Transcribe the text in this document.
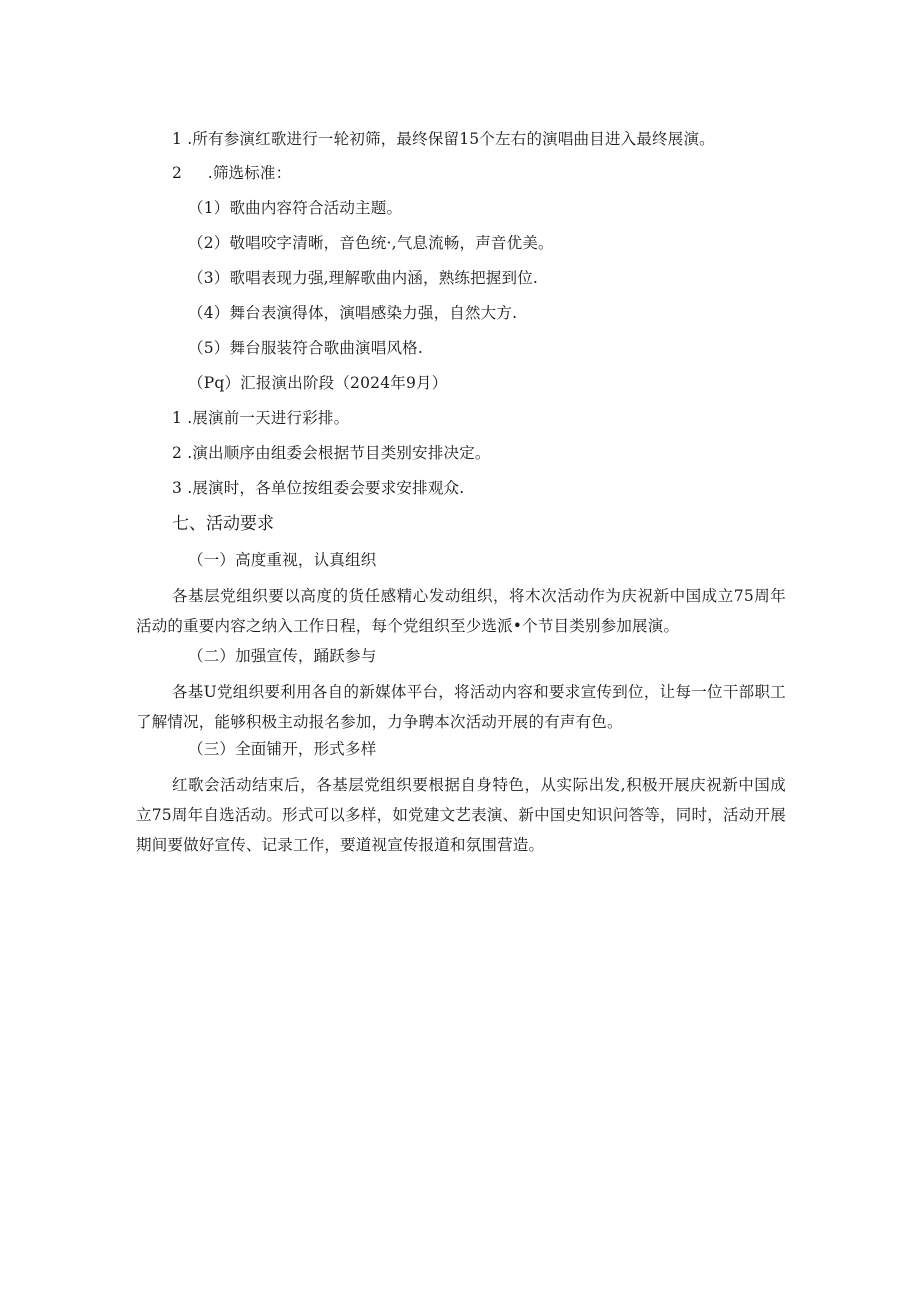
1 .所有参演红歌进行一轮初筛，最终保留15个左右的演唱曲目进入最终展演。
2     .筛选标准：
（1）歌曲内容符合活动主题。
（2）敬唱咬字清晰，音色统·,气息流畅，声音优美。
（3）歌唱表现力强,理解歌曲内涵，熟练把握到位.
（4）舞台表演得体，演唱感染力强，自然大方.
（5）舞台服装符合歌曲演唱风格.
（Pq）汇报演出阶段（2024年9月）
1 .展演前一天进行彩排。
2 .演出顺序由组委会根据节目类别安排决定。
3 .展演时，各单位按组委会要求安排观众.
七、活动要求
（一）高度重视，认真组织
各基层党组织要以高度的货任感精心发动组织，将木次活动作为庆祝新中国成立75周年活动的重要内容之纳入工作日程，每个党组织至少选派•个节目类别参加展演。
（二）加强宣传，踊跃参与
各基U党组织要利用各自的新媒体平台，将活动内容和要求宣传到位，让每一位干部职工了解情况，能够积极主动报名参加，力争聘本次活动开展的有声有色。
（三）全面铺开，形式多样
红歌会活动结束后，各基层党组织要根据自身特色，从实际出发,积极开展庆祝新中国成立75周年自选活动。形式可以多样，如党建文艺表演、新中国史知识问答等，同时，活动开展期间要做好宣传、记录工作，要道视宣传报道和氛围营造。
